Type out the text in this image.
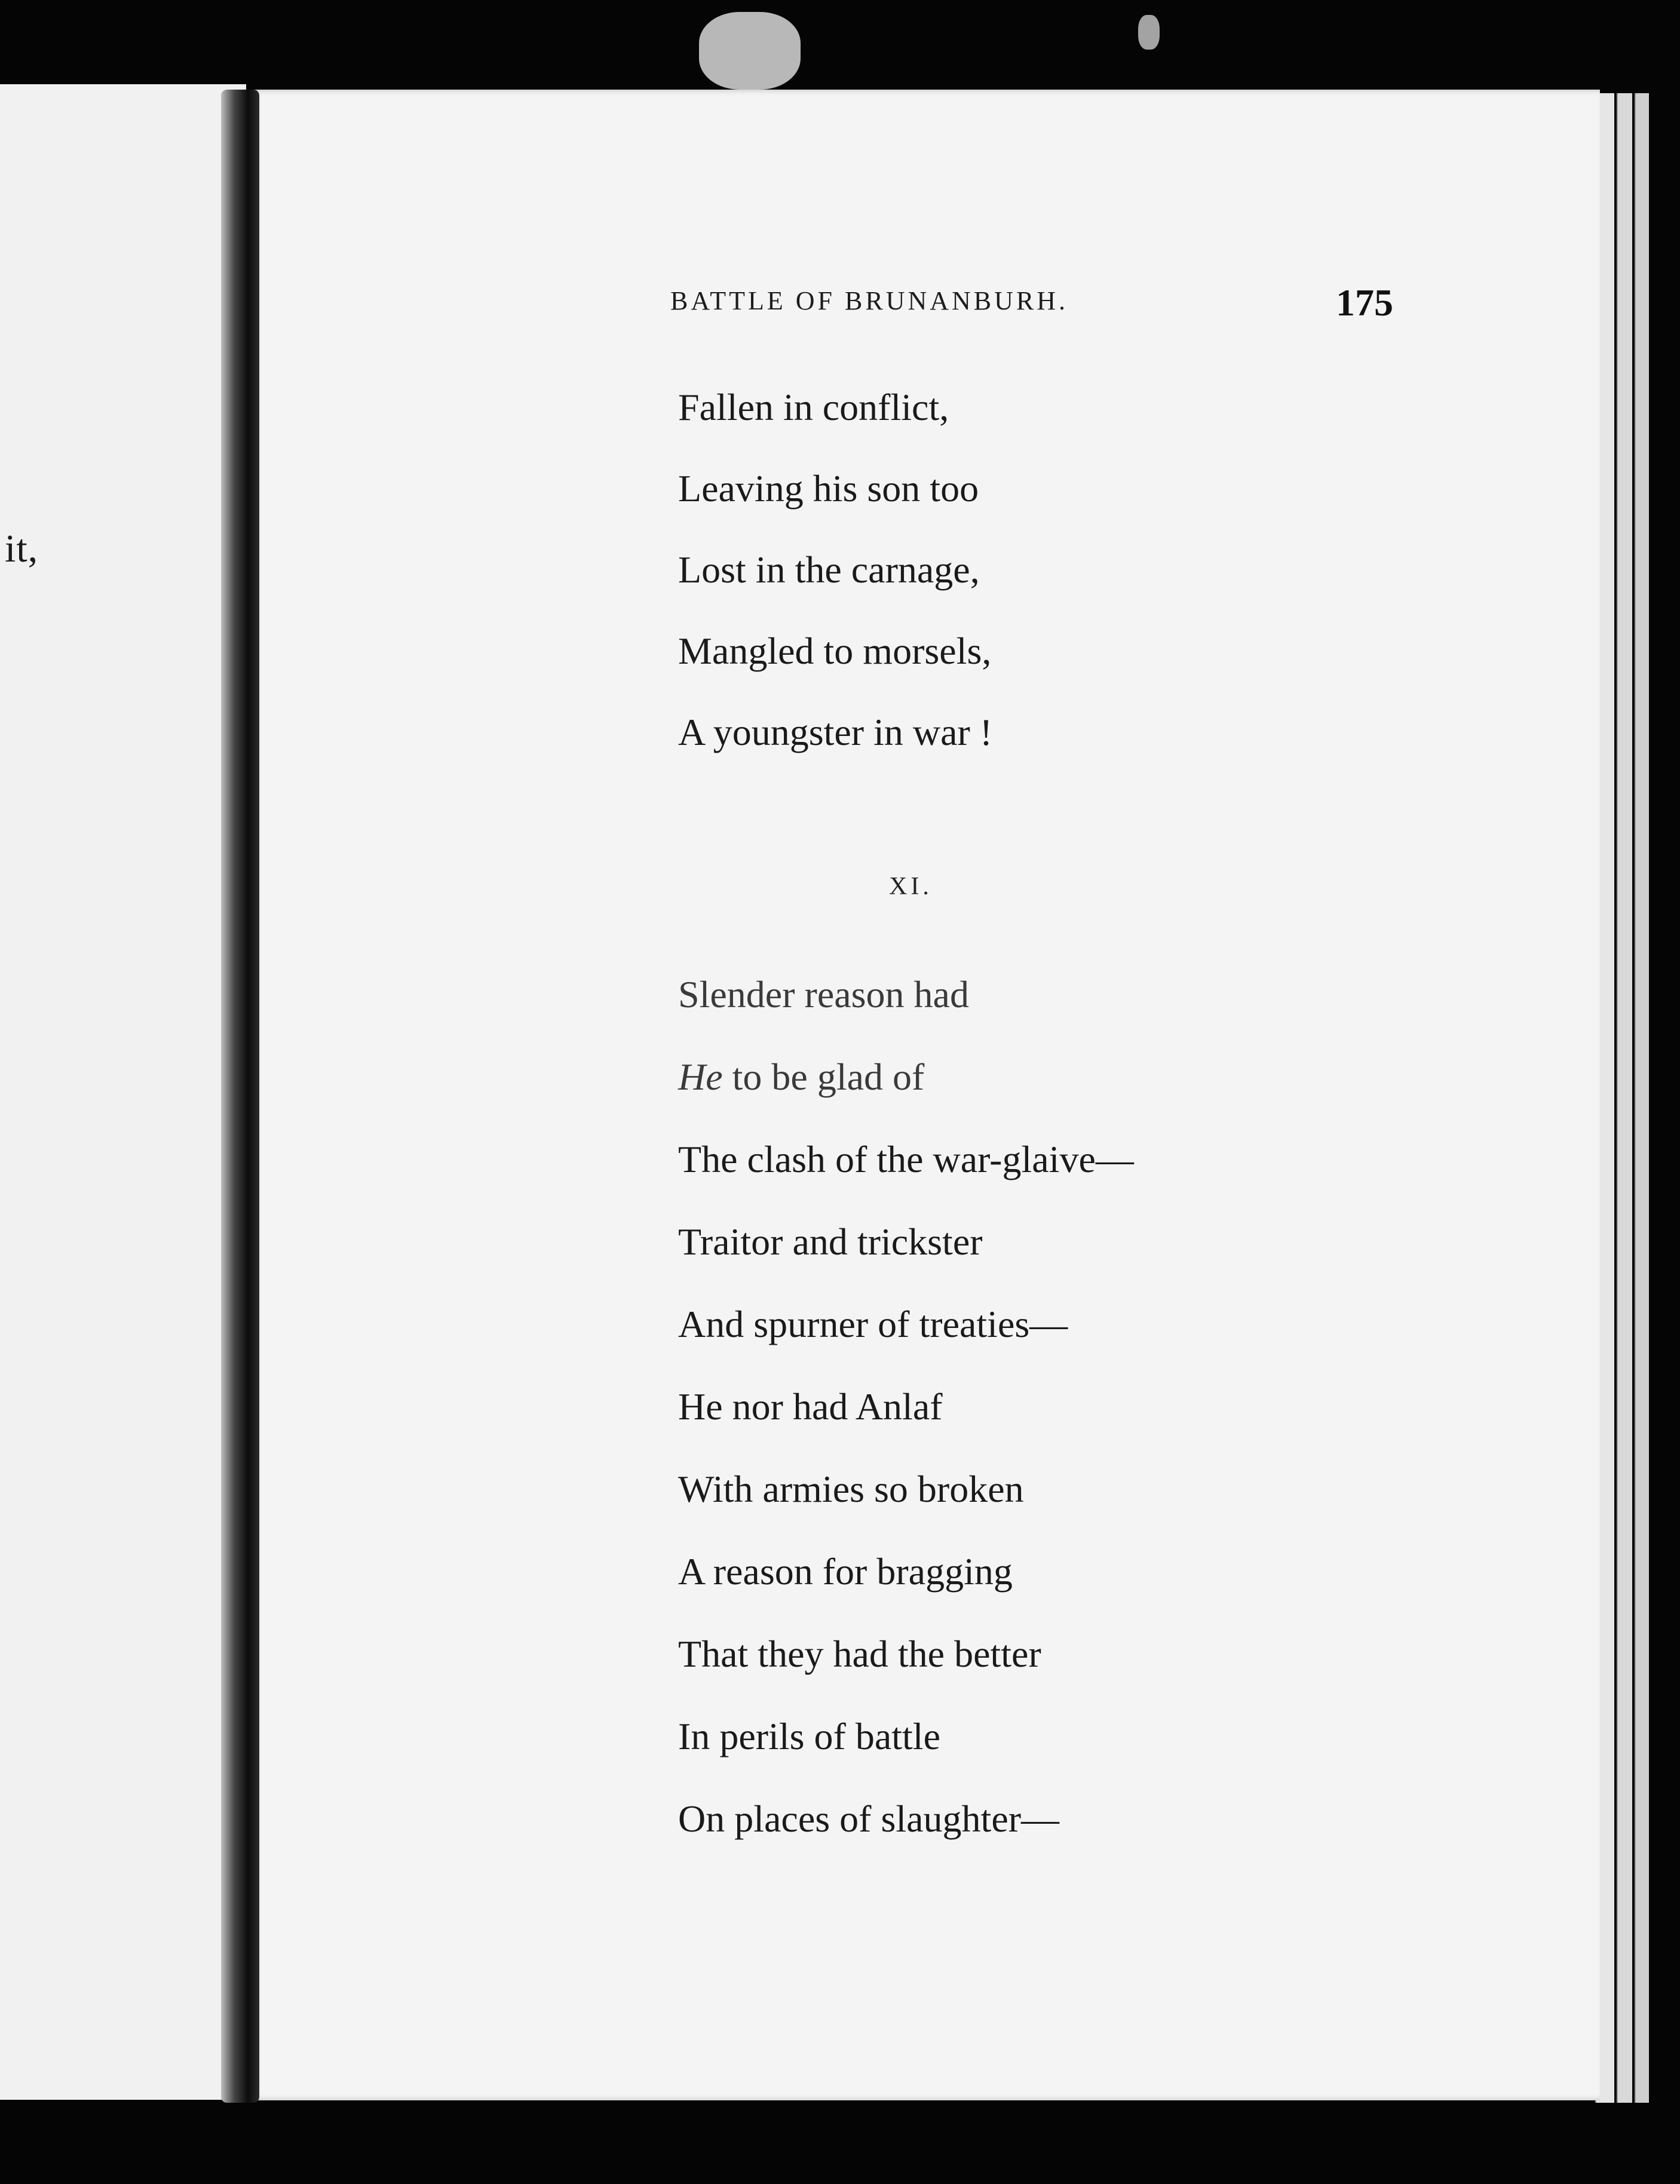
it,
BATTLE OF BRUNANBURH.	175
Fallen in conflict,
Leaving his son too
Lost in the carnage,
Mangled to morsels,
A youngster in war !
XI.
Slender reason had
He to be glad of
The clash of the war-glaive—
Traitor and trickster
And spurner of treaties—
He nor had Anlaf
With armies so broken
A reason for bragging
That they had the better
In perils of battle
On places of slaughter—
